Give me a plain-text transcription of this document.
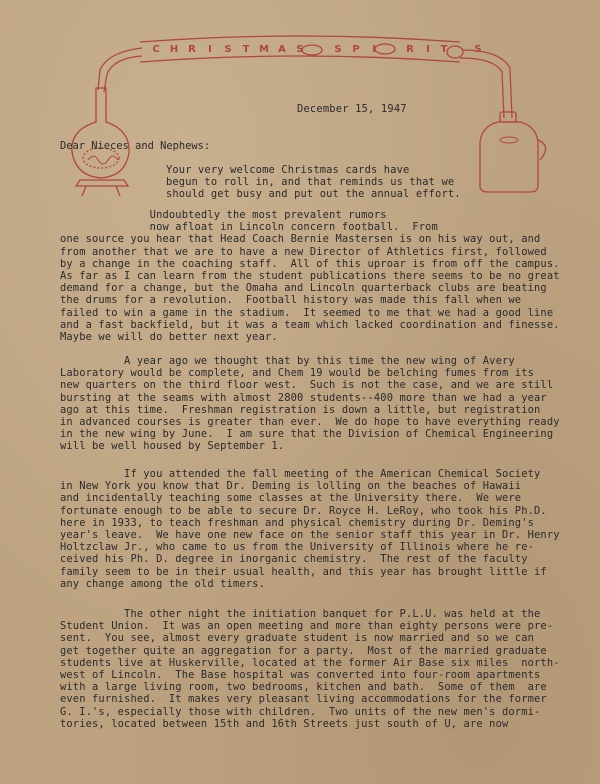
C	H R	I	S	T M A	S	S	P	I	R	I	T	S
December 15, 1947
Dear Nieces and Nephews:
Your very welcome Christmas cards have
begun to roll in, and that reminds us that we
should get busy and put out the annual effort.
Undoubtedly the most prevalent rumors
now afloat in Lincoln concern football.  From
one source you hear that Head Coach Bernie Mastersen is on his way out, and
from another that we are to have a new Director of Athletics first, followed
by a change in the coaching staff.  All of this uproar is from off the campus.
As far as I can learn from the student publications there seems to be no great
demand for a change, but the Omaha and Lincoln quarterback clubs are beating
the drums for a revolution.  Football history was made this fall when we
failed to win a game in the stadium.  It seemed to me that we had a good line
and a fast backfield, but it was a team which lacked coordination and finesse.
Maybe we will do better next year.
A year ago we thought that by this time the new wing of Avery
Laboratory would be complete, and Chem 19 would be belching fumes from its
new quarters on the third floor west.  Such is not the case, and we are still
bursting at the seams with almost 2800 students--400 more than we had a year
ago at this time.  Freshman registration is down a little, but registration
in advanced courses is greater than ever.  We do hope to have everything ready
in the new wing by June.  I am sure that the Division of Chemical Engineering
will be well housed by September 1.
If you attended the fall meeting of the American Chemical Society
in New York you know that Dr. Deming is lolling on the beaches of Hawaii
and incidentally teaching some classes at the University there.  We were
fortunate enough to be able to secure Dr. Royce H. LeRoy, who took his Ph.D.
here in 1933, to teach freshman and physical chemistry during Dr. Deming's
year's leave.  We have one new face on the senior staff this year in Dr. Henry
Holtzclaw Jr., who came to us from the University of Illinois where he re-
ceived his Ph. D. degree in inorganic chemistry.  The rest of the faculty
family seem to be in their usual health, and this year has brought little if
any change among the old timers.
The other night the initiation banquet for P.L.U. was held at the
Student Union.  It was an open meeting and more than eighty persons were pre-
sent.  You see, almost every graduate student is now married and so we can
get together quite an aggregation for a party.  Most of the married graduate
students live at Huskerville, located at the former Air Base six miles  north-
west of Lincoln.  The Base hospital was converted into four-room apartments
with a large living room, two bedrooms, kitchen and bath.  Some of them  are
even furnished.  It makes very pleasant living accommodations for the former
G. I.'s, especially those with children.  Two units of the new men's dormi-
tories, located between 15th and 16th Streets just south of U, are now
